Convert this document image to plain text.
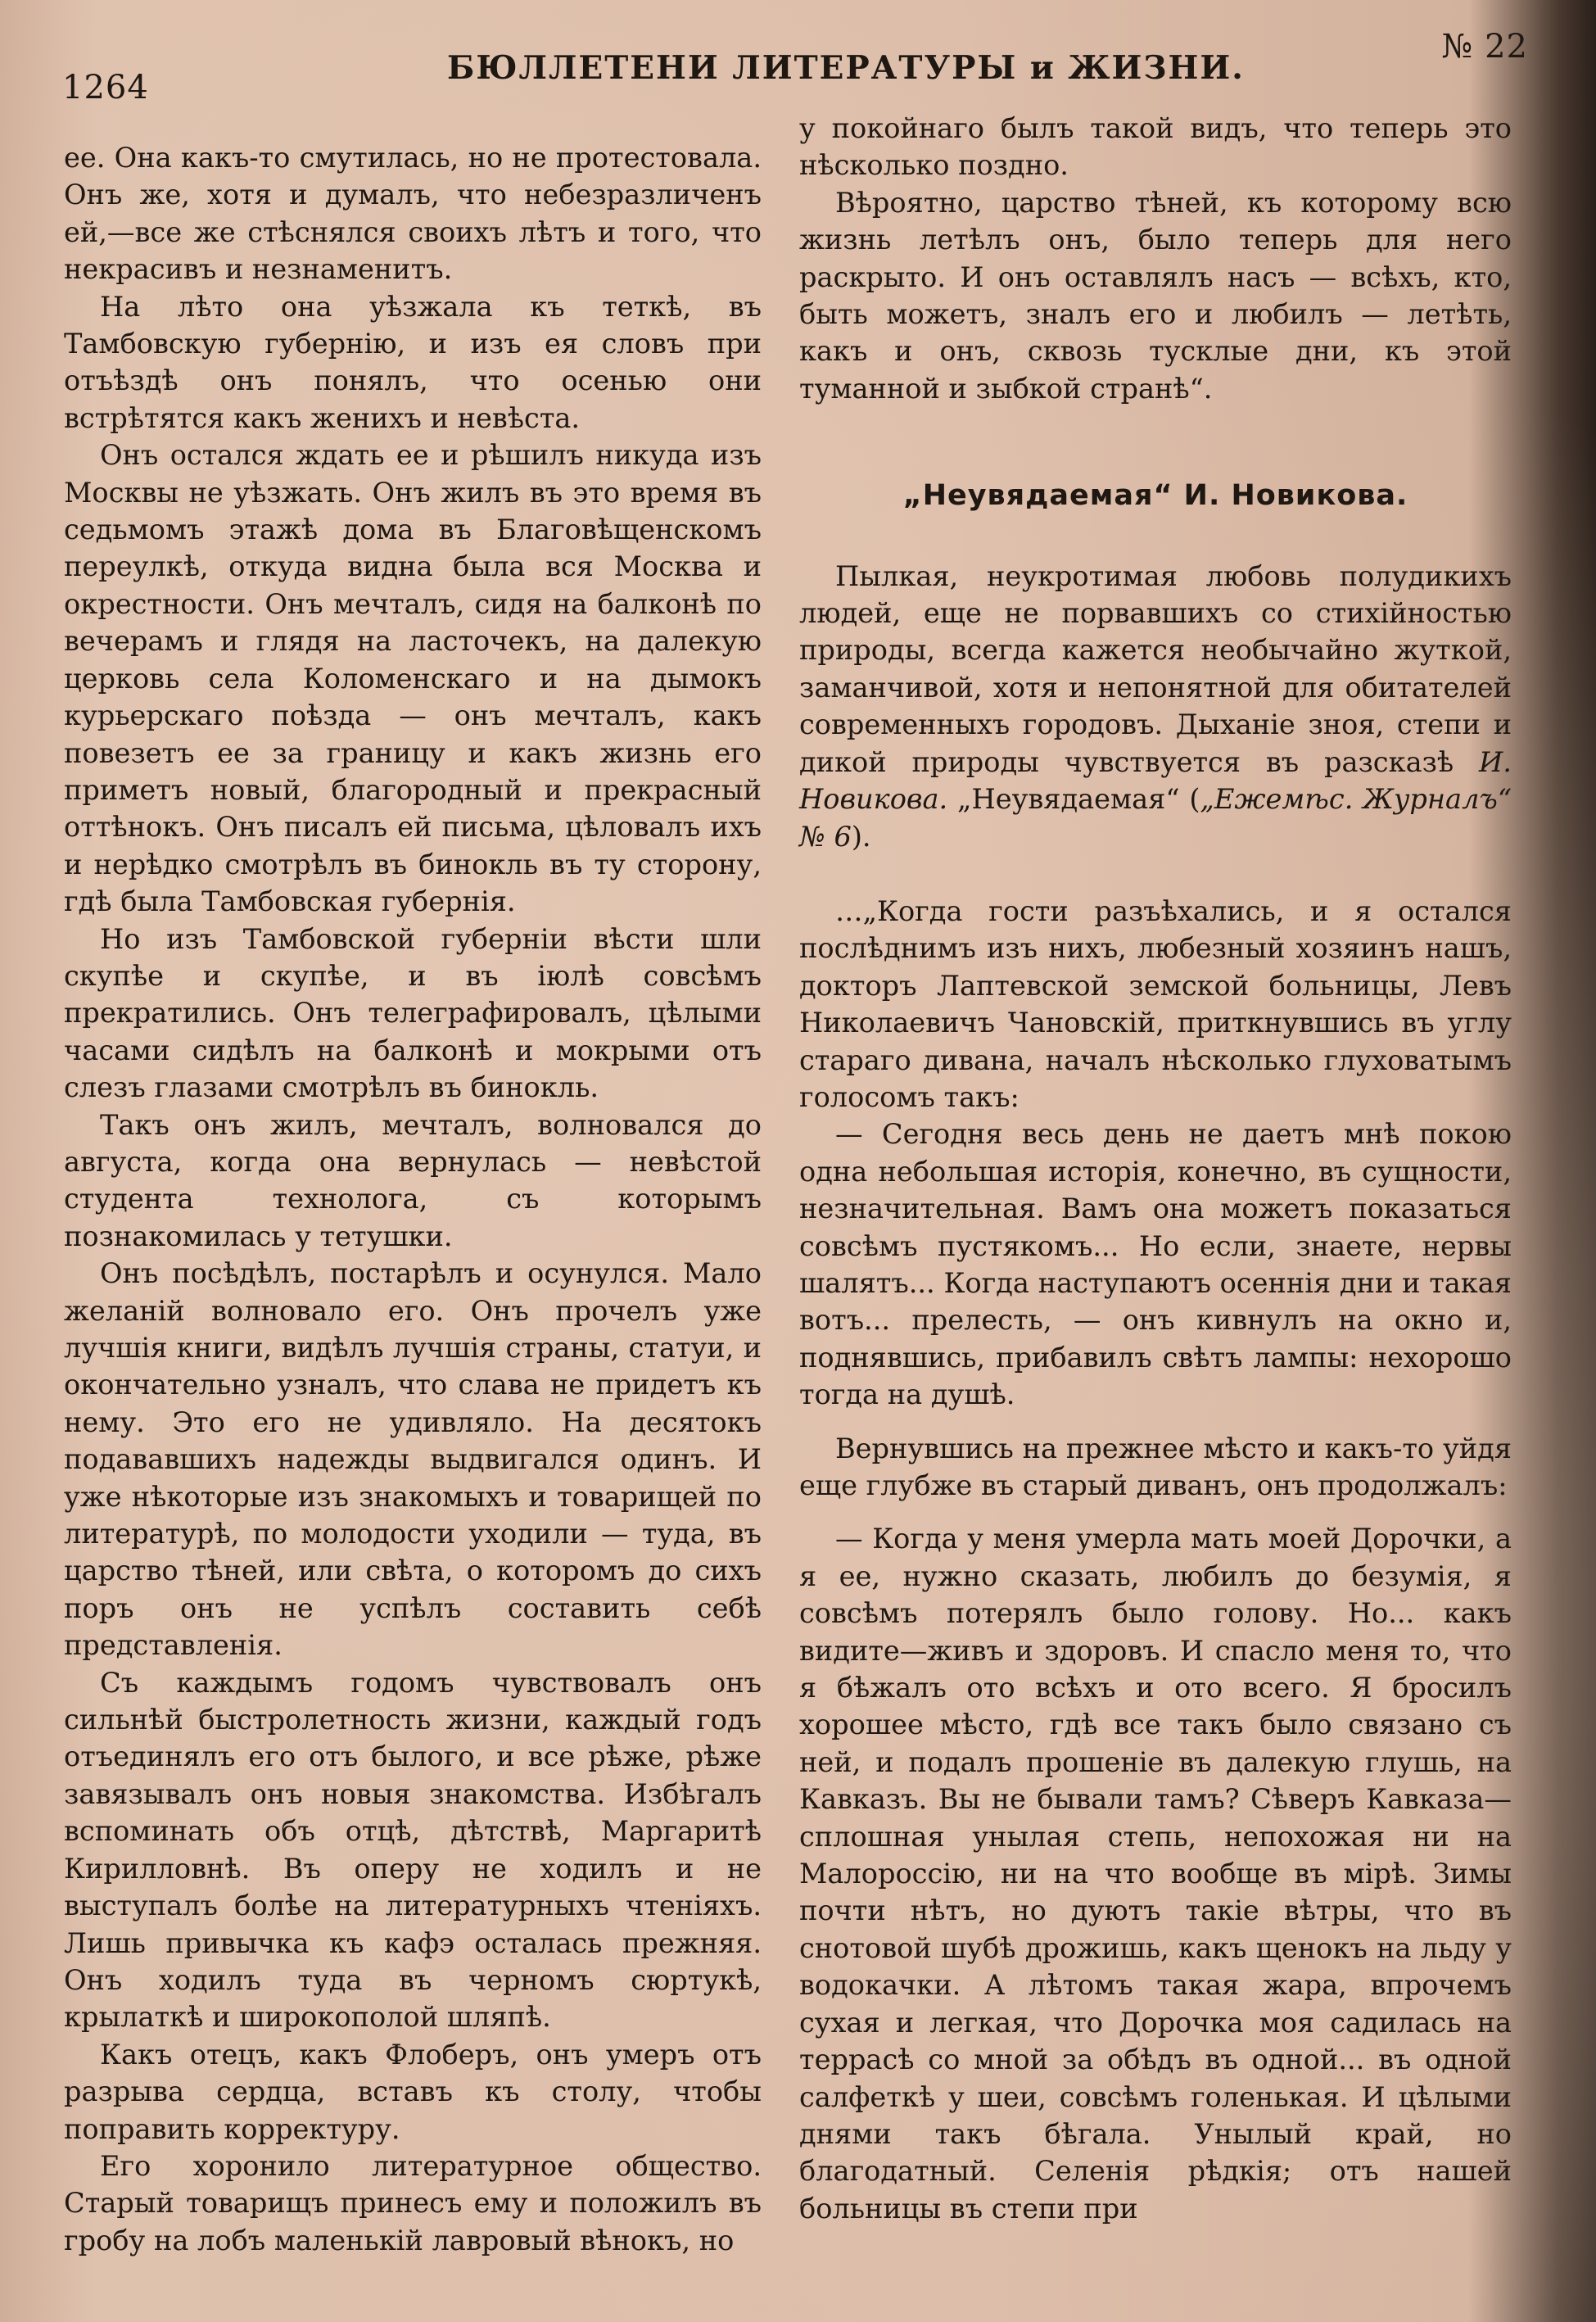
1264
БЮЛЛЕТЕНИ ЛИТЕРАТУРЫ и ЖИЗНИ.
№ 22

ее. Она какъ-то смутилась, но не протестовала. Онъ же, хотя и думалъ, что небезразличенъ ей,—все же стѣснялся своихъ лѣтъ и того, что некрасивъ и незнаменитъ.

На лѣто она уѣзжала къ теткѣ, въ Тамбовскую губернію, и изъ ея словъ при отъѣздѣ онъ понялъ, что осенью они встрѣтятся какъ женихъ и невѣста.

Онъ остался ждать ее и рѣшилъ никуда изъ Москвы не уѣзжать. Онъ жилъ въ это время въ седьмомъ этажѣ дома въ Благовѣщенскомъ переулкѣ, откуда видна была вся Москва и окрестности. Онъ мечталъ, сидя на балконѣ по вечерамъ и глядя на ласточекъ, на далекую церковь села Коломенскаго и на дымокъ курьерскаго поѣзда — онъ мечталъ, какъ повезетъ ее за границу и какъ жизнь его приметъ новый, благородный и прекрасный оттѣнокъ. Онъ писалъ ей письма, цѣловалъ ихъ и нерѣдко смотрѣлъ въ бинокль въ ту сторону, гдѣ была Тамбовская губернія.

Но изъ Тамбовской губерніи вѣсти шли скупѣе и скупѣе, и въ іюлѣ совсѣмъ прекратились. Онъ телеграфировалъ, цѣлыми часами сидѣлъ на балконѣ и мокрыми отъ слезъ глазами смотрѣлъ въ бинокль.

Такъ онъ жилъ, мечталъ, волновался до августа, когда она вернулась — невѣстой студента технолога, съ которымъ познакомилась у тетушки.

Онъ посѣдѣлъ, постарѣлъ и осунулся. Мало желаній волновало его. Онъ прочелъ уже лучшія книги, видѣлъ лучшія страны, статуи, и окончательно узналъ, что слава не придетъ къ нему. Это его не удивляло. На десятокъ подававшихъ надежды выдвигался одинъ. И уже нѣкоторые изъ знакомыхъ и товарищей по литературѣ, по молодости уходили — туда, въ царство тѣней, или свѣта, о которомъ до сихъ поръ онъ не успѣлъ составить себѣ представленія.

Съ каждымъ годомъ чувствовалъ онъ сильнѣй быстролетность жизни, каждый годъ отъединялъ его отъ былого, и все рѣже, рѣже завязывалъ онъ новыя знакомства. Избѣгалъ вспоминать объ отцѣ, дѣтствѣ, Маргаритѣ Кирилловнѣ. Въ оперу не ходилъ и не выступалъ болѣе на литературныхъ чтеніяхъ. Лишь привычка къ кафэ осталась прежняя. Онъ ходилъ туда въ черномъ сюртукѣ, крылаткѣ и широкополой шляпѣ.

Какъ отецъ, какъ Флоберъ, онъ умеръ отъ разрыва сердца, вставъ къ столу, чтобы поправить корректуру.

Его хоронило литературное общество. Старый товарищъ принесъ ему и положилъ въ гробу на лобъ маленькій лавровый вѣнокъ, но

у покойнаго былъ такой видъ, что теперь это нѣсколько поздно.

Вѣроятно, царство тѣней, къ которому всю жизнь летѣлъ онъ, было теперь для него раскрыто. И онъ оставлялъ насъ — всѣхъ, кто, быть можетъ, зналъ его и любилъ — летѣть, какъ и онъ, сквозь тусклые дни, къ этой туманной и зыбкой странѣ“.

„Неувядаемая“ И. Новикова.

Пылкая, неукротимая любовь полудикихъ людей, еще не порвавшихъ со стихійностью природы, всегда кажется необычайно жуткой, заманчивой, хотя и непонятной для обитателей современныхъ городовъ. Дыханіе зноя, степи и дикой природы чувствуется въ разсказѣ И. Новикова. „Неувядаемая“ („Ежемѣс. Журналъ“ № 6).

…„Когда гости разъѣхались, и я остался послѣднимъ изъ нихъ, любезный хозяинъ нашъ, докторъ Лаптевской земской больницы, Левъ Николаевичъ Чановскій, приткнувшись въ углу стараго дивана, началъ нѣсколько глуховатымъ голосомъ такъ:

— Сегодня весь день не даетъ мнѣ покою одна небольшая исторія, конечно, въ сущности, незначительная. Вамъ она можетъ показаться совсѣмъ пустякомъ... Но если, знаете, нервы шалятъ... Когда наступаютъ осеннія дни и такая вотъ... прелесть, — онъ кивнулъ на окно и, поднявшись, прибавилъ свѣтъ лампы: нехорошо тогда на душѣ.

Вернувшись на прежнее мѣсто и какъ-то уйдя еще глубже въ старый диванъ, онъ продолжалъ:

— Когда у меня умерла мать моей Дорочки, а я ее, нужно сказать, любилъ до безумія, я совсѣмъ потерялъ было голову. Но... какъ видите—живъ и здоровъ. И спасло меня то, что я бѣжалъ ото всѣхъ и ото всего. Я бросилъ хорошее мѣсто, гдѣ все такъ было связано съ ней, и подалъ прошеніе въ далекую глушь, на Кавказъ. Вы не бывали тамъ? Сѣверъ Кавказа—сплошная унылая степь, непохожая ни на Малороссію, ни на что вообще въ мірѣ. Зимы почти нѣтъ, но дуютъ такіе вѣтры, что въ снотовой шубѣ дрожишь, какъ щенокъ на льду у водокачки. А лѣтомъ такая жара, впрочемъ сухая и легкая, что Дорочка моя садилась на террасѣ со мной за обѣдъ въ одной... въ одной салфеткѣ у шеи, совсѣмъ голенькая. И цѣлыми днями такъ бѣгала. Унылый край, но благодатный. Селенія рѣдкія; отъ нашей больницы въ степи при
